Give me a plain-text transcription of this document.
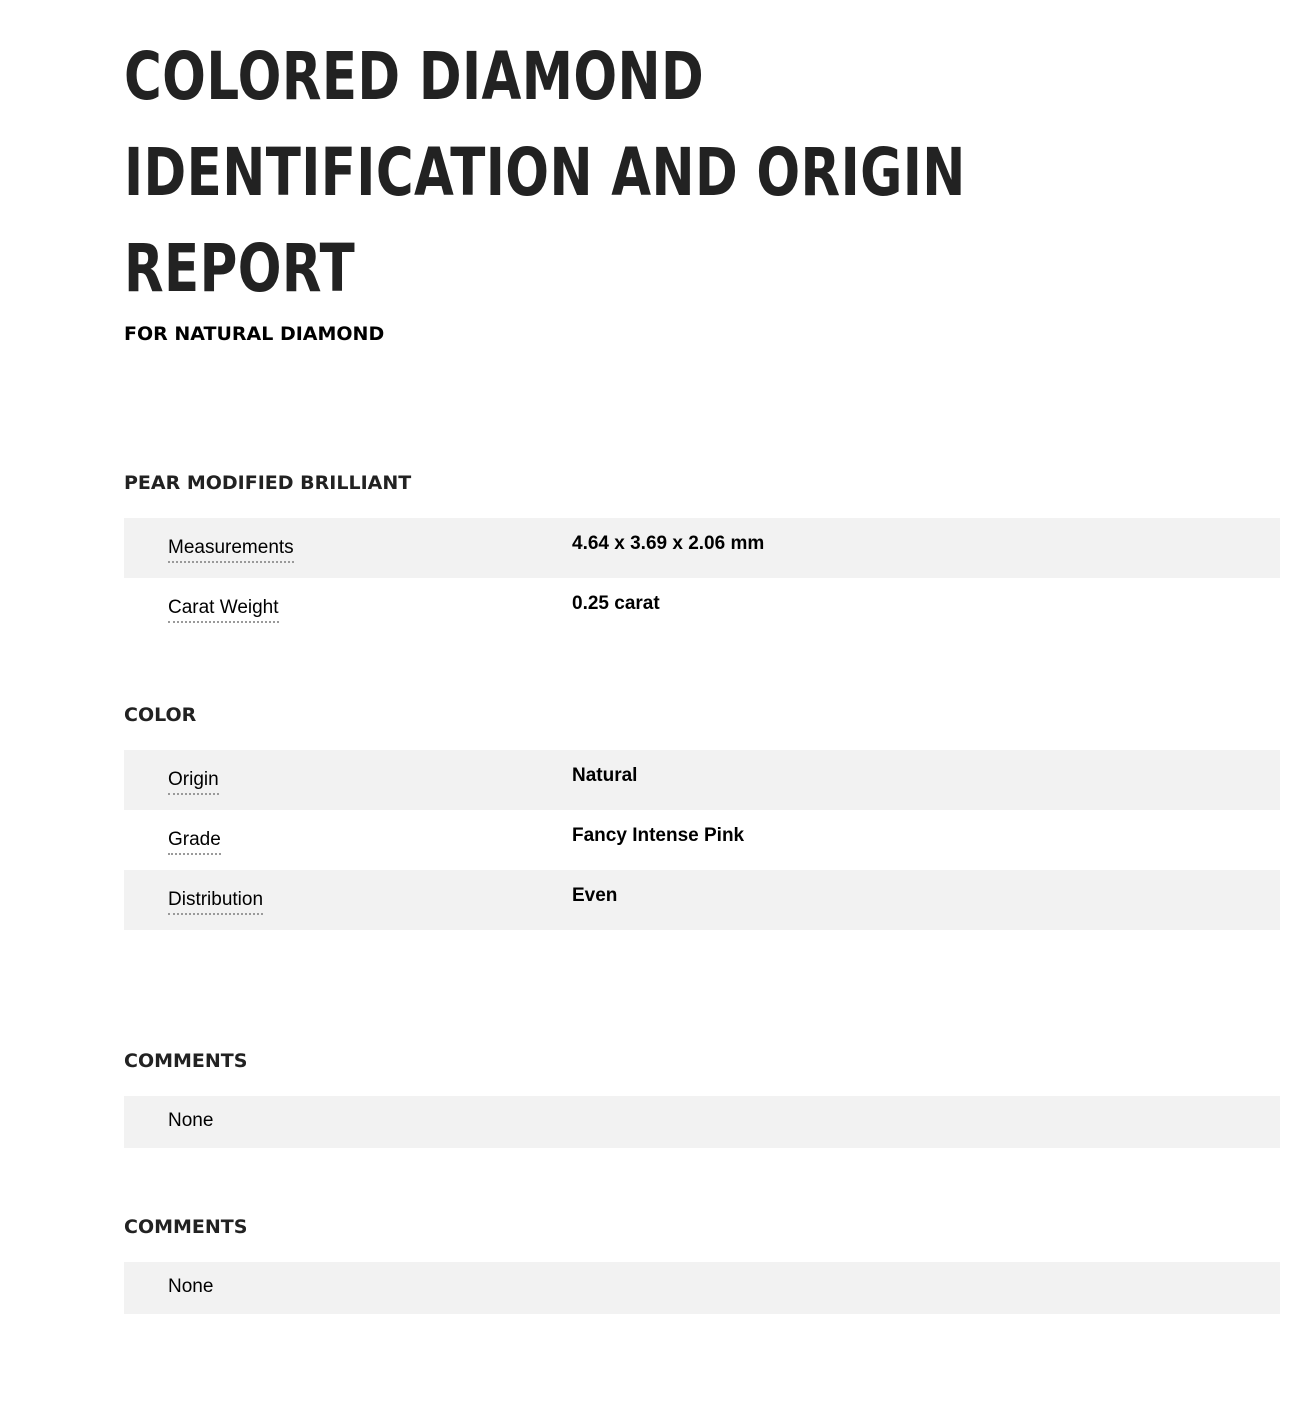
COLORED DIAMOND
IDENTIFICATION AND ORIGIN
REPORT
FOR NATURAL DIAMOND
PEAR MODIFIED BRILLIANT
Measurements	4.64 x 3.69 x 2.06 mm
Carat Weight	0.25 carat
COLOR
Origin	Natural
Grade	Fancy Intense Pink
Distribution	Even
COMMENTS
None
COMMENTS
None
